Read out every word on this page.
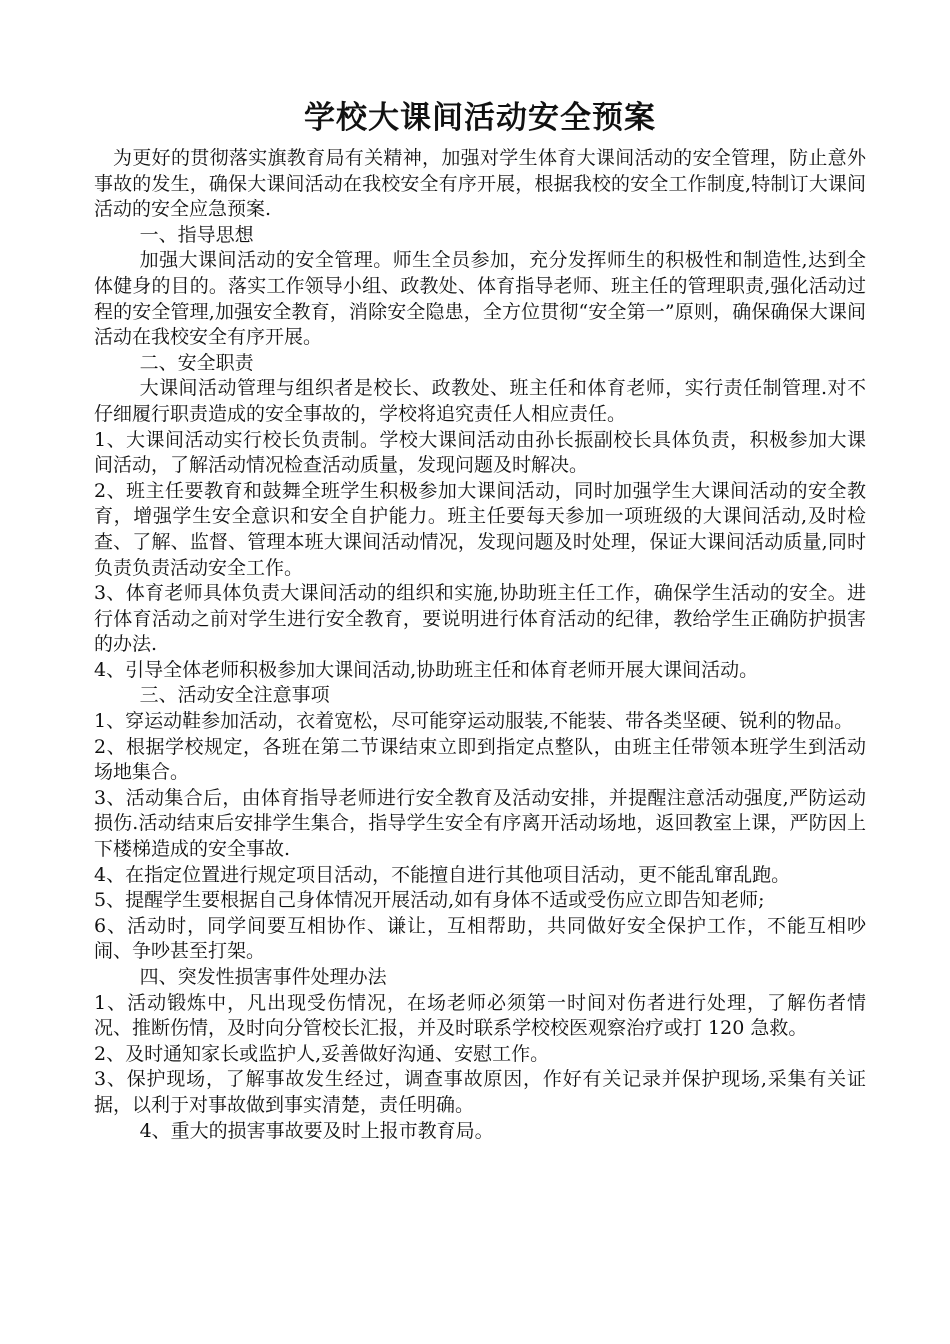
学校大课间活动安全预案

为更好的贯彻落实旗教育局有关精神，加强对学生体育大课间活动的安全管理，防止意外事故的发生，确保大课间活动在我校安全有序开展，根据我校的安全工作制度,特制订大课间活动的安全应急预案.

一、指导思想

加强大课间活动的安全管理。师生全员参加，充分发挥师生的积极性和制造性,达到全体健身的目的。落实工作领导小组、政教处、体育指导老师、班主任的管理职责,强化活动过程的安全管理,加强安全教育，消除安全隐患，全方位贯彻“安全第一”原则，确保确保大课间活动在我校安全有序开展。

二、安全职责

大课间活动管理与组织者是校长、政教处、班主任和体育老师，实行责任制管理.对不仔细履行职责造成的安全事故的，学校将追究责任人相应责任。

1、大课间活动实行校长负责制。学校大课间活动由孙长振副校长具体负责，积极参加大课间活动，了解活动情况检查活动质量，发现问题及时解决。

2、班主任要教育和鼓舞全班学生积极参加大课间活动，同时加强学生大课间活动的安全教育，增强学生安全意识和安全自护能力。班主任要每天参加一项班级的大课间活动,及时检查、了解、监督、管理本班大课间活动情况，发现问题及时处理，保证大课间活动质量,同时负责负责活动安全工作。

3、体育老师具体负责大课间活动的组织和实施,协助班主任工作，确保学生活动的安全。进行体育活动之前对学生进行安全教育，要说明进行体育活动的纪律，教给学生正确防护损害的办法.

4、引导全体老师积极参加大课间活动,协助班主任和体育老师开展大课间活动。

三、活动安全注意事项

1、穿运动鞋参加活动，衣着宽松，尽可能穿运动服装,不能装、带各类坚硬、锐利的物品。

2、根据学校规定，各班在第二节课结束立即到指定点整队，由班主任带领本班学生到活动场地集合。

3、活动集合后，由体育指导老师进行安全教育及活动安排，并提醒注意活动强度,严防运动损伤.活动结束后安排学生集合，指导学生安全有序离开活动场地，返回教室上课，严防因上下楼梯造成的安全事故.

4、在指定位置进行规定项目活动，不能擅自进行其他项目活动，更不能乱窜乱跑。

5、提醒学生要根据自己身体情况开展活动,如有身体不适或受伤应立即告知老师;

6、活动时，同学间要互相协作、谦让，互相帮助，共同做好安全保护工作，不能互相吵闹、争吵甚至打架。

四、突发性损害事件处理办法

1、活动锻炼中，凡出现受伤情况，在场老师必须第一时间对伤者进行处理，了解伤者情况、推断伤情，及时向分管校长汇报，并及时联系学校校医观察治疗或打 120 急救。

2、及时通知家长或监护人,妥善做好沟通、安慰工作。

3、保护现场，了解事故发生经过，调查事故原因，作好有关记录并保护现场,采集有关证据，以利于对事故做到事实清楚，责任明确。

4、重大的损害事故要及时上报市教育局。
